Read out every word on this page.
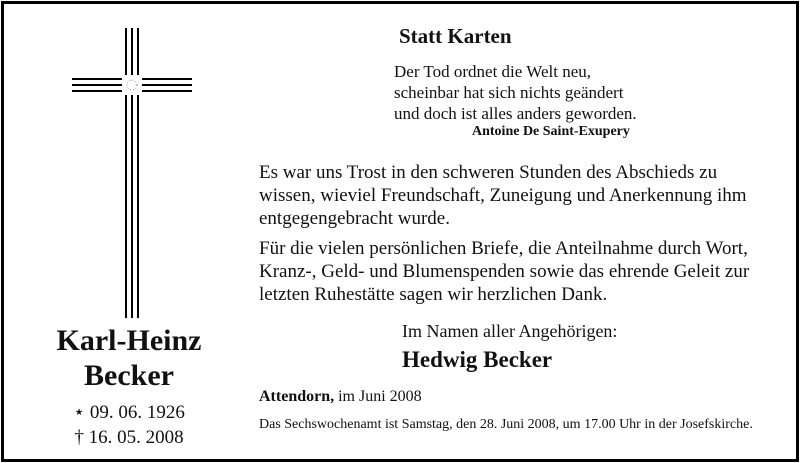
Karl-Heinz
Becker
⋆ 09. 06. 1926
† 16. 05. 2008
Statt Karten
Der Tod ordnet die Welt neu,
scheinbar hat sich nichts geändert
und doch ist alles anders geworden.
Antoine De Saint-Exupery
Es war uns Trost in den schweren Stunden des Abschieds zu wissen, wieviel Freundschaft, Zuneigung und Anerkennung ihm entgegengebracht wurde.
Für die vielen persönlichen Briefe, die Anteilnahme durch Wort, Kranz-, Geld- und Blumenspenden sowie das ehrende Geleit zur letzten Ruhestätte sagen wir herzlichen Dank.
Im Namen aller Angehörigen:
Hedwig Becker
Attendorn, im Juni 2008
Das Sechswochenamt ist Samstag, den 28. Juni 2008, um 17.00 Uhr in der Josefskirche.
